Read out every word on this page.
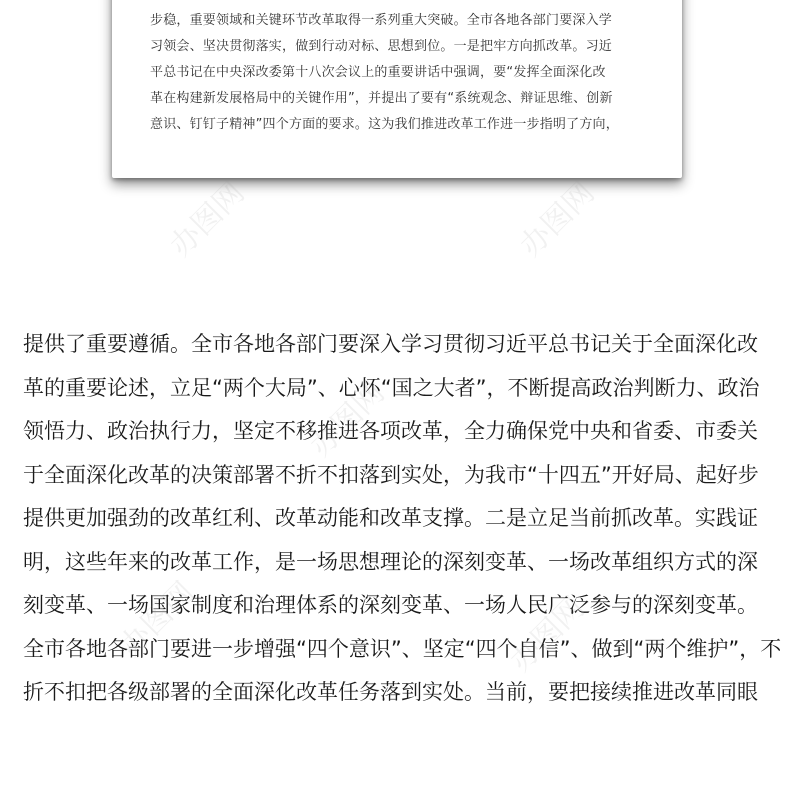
步稳，重要领域和关键环节改革取得一系列重大突破。全市各地各部门要深入学
习领会、坚决贯彻落实，做到行动对标、思想到位。一是把牢方向抓改革。习近
平总书记在中央深改委第十八次会议上的重要讲话中强调，要“发挥全面深化改
革在构建新发展格局中的关键作用”，并提出了要有“系统观念、辩证思维、创新
意识、钉钉子精神”四个方面的要求。这为我们推进改革工作进一步指明了方向，

提供了重要遵循。全市各地各部门要深入学习贯彻习近平总书记关于全面深化改
革的重要论述，立足“两个大局”、心怀“国之大者”，不断提高政治判断力、政治
领悟力、政治执行力，坚定不移推进各项改革，全力确保党中央和省委、市委关
于全面深化改革的决策部署不折不扣落到实处，为我市“十四五”开好局、起好步
提供更加强劲的改革红利、改革动能和改革支撑。二是立足当前抓改革。实践证
明，这些年来的改革工作，是一场思想理论的深刻变革、一场改革组织方式的深
刻变革、一场国家制度和治理体系的深刻变革、一场人民广泛参与的深刻变革。
全市各地各部门要进一步增强“四个意识”、坚定“四个自信”、做到“两个维护”，不
折不扣把各级部署的全面深化改革任务落到实处。当前，要把接续推进改革同眼

办图网	办图网
办图网
办图网	办图网
